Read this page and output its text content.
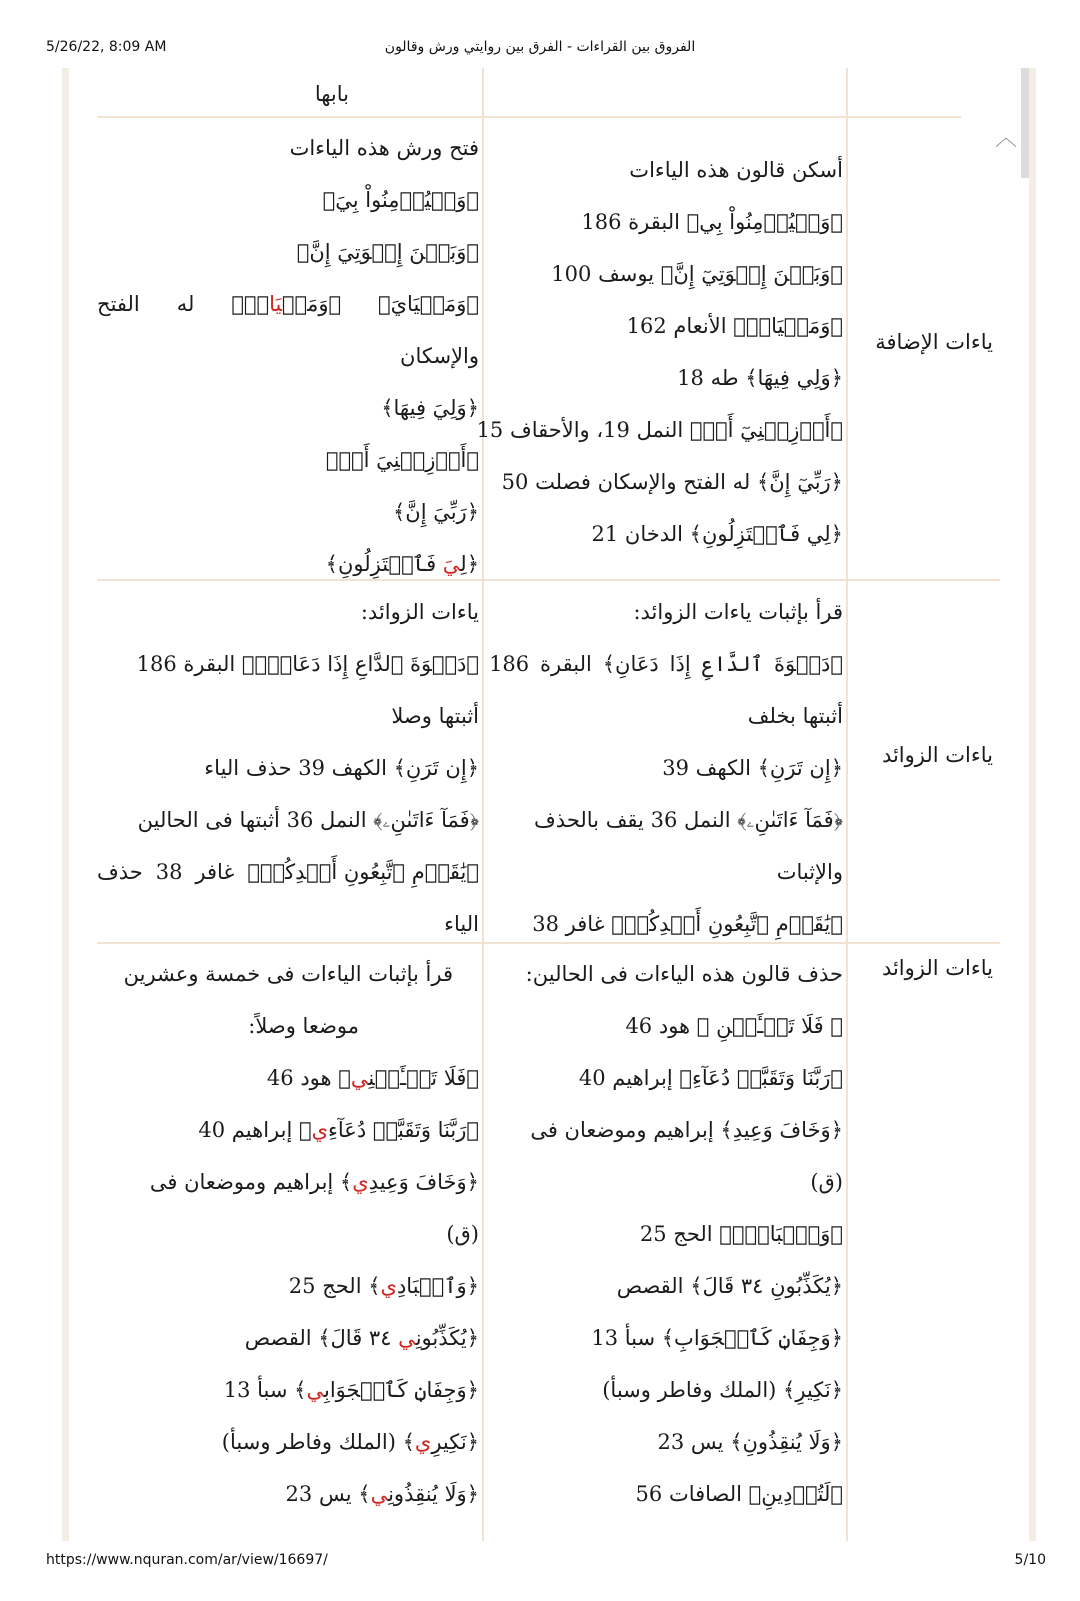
5/26/22, 8:09 AM	الفروق بين القراءات - الفرق بين روايتي ورش وقالون
︿
بابها
ياءات الإضافة
أسكن قالون هذه الياءات
﴿وَلۡيُؤۡمِنُواْ بِي﴾ البقرة 186
﴿وَبَيۡنَ إِخۡوَتِيٓ إِنَّ﴾ يوسف 100
﴿وَمَحۡيَايۡ﴾ الأنعام 162
﴿وَلِي فِيهَا﴾ طه 18
﴿أَوۡزِعۡنِيٓ أَنۡ﴾ النمل 19، والأحقاف 15
﴿رَبِّيٓ إِنَّ﴾ له الفتح والإسكان فصلت 50
﴿لِي فَٱعۡتَزِلُونِ﴾ الدخان 21
فتح ورش هذه الياءات
﴿وَلۡيُؤۡمِنُواْ بِيَ﴾
﴿وَبَيۡنَ إِخۡوَتِيَ إِنَّ﴾
﴿وَمَحۡيَايَ﴾
﴿وَمَحۡيَايۡ﴾
له
الفتح
والإسكان
﴿وَلِيَ فِيهَا﴾
﴿أَوۡزِعۡنِيَ أَنۡ﴾
﴿رَبِّيَ إِنَّ﴾
﴿لِيَ فَٱعۡتَزِلُونِ﴾
ياءات الزوائد
قرأ بإثبات ياءات الزوائد:
﴿دَعۡوَةَ
ٱلدَّاعِ
إِذَا
دَعَانِ﴾
البقرة
186
أثبتها بخلف
﴿إِن تَرَنِ﴾ الكهف 39
﴿فَمَآ ءَاتَىٰنِۦ﴾ النمل 36 يقف بالحذف
والإثبات
﴿يَٰقَوۡمِ ٱتَّبِعُونِ أَهۡدِكُمۡ﴾ غافر 38
ياءات الزوائد:
﴿دَعۡوَةَ ٱلدَّاعِ إِذَا دَعَانِۖ﴾ البقرة 186
أثبتها وصلا
﴿إِن تَرَنِ﴾ الكهف 39 حذف الياء
﴿فَمَآ ءَاتَىٰنِۦ﴾ النمل 36 أثبتها فى الحالين
﴿يَٰقَوۡمِ ٱتَّبِعُونِ أَهۡدِكُمۡ﴾
غافر
38
حذف
الياء
ياءات الزوائد
حذف قالون هذه الياءات فى الحالين:
﴿ فَلَا تَسۡـَٔلۡنِ ﴾ هود 46
﴿رَبَّنَا وَتَقَبَّلۡ دُعَآءِ﴾ إبراهيم 40
﴿وَخَافَ وَعِيدِ﴾ إبراهيم وموضعان فى
(ق)
﴿وَٱلۡبَادِۚ﴾ الحج 25
﴿يُكَذِّبُونِ ٣٤ قَالَ﴾ القصص
﴿وَجِفَانٖ كَٱلۡجَوَابِ﴾ سبأ 13
﴿نَكِيرِ﴾ (الملك وفاطر وسبأ)
﴿وَلَا يُنقِذُونِ﴾ يس 23
﴿لَتُرۡدِينِ﴾ الصافات 56
قرأ بإثبات الياءات فى خمسة وعشرين
موضعا وصلاً:
﴿فَلَا تَسۡـَٔلۡنِي﴾ هود 46
﴿رَبَّنَا وَتَقَبَّلۡ دُعَآءِي﴾ إبراهيم 40
﴿وَخَافَ وَعِيدِي﴾ إبراهيم وموضعان فى
(ق)
﴿وَٱلۡبَادِي﴾ الحج 25
﴿يُكَذِّبُونِي ٣٤ قَالَ﴾ القصص
﴿وَجِفَانٖ كَٱلۡجَوَابِي﴾ سبأ 13
﴿نَكِيرِي﴾ (الملك وفاطر وسبأ)
﴿وَلَا يُنقِذُونِي﴾ يس 23
https://www.nquran.com/ar/view/16697/	5/10
